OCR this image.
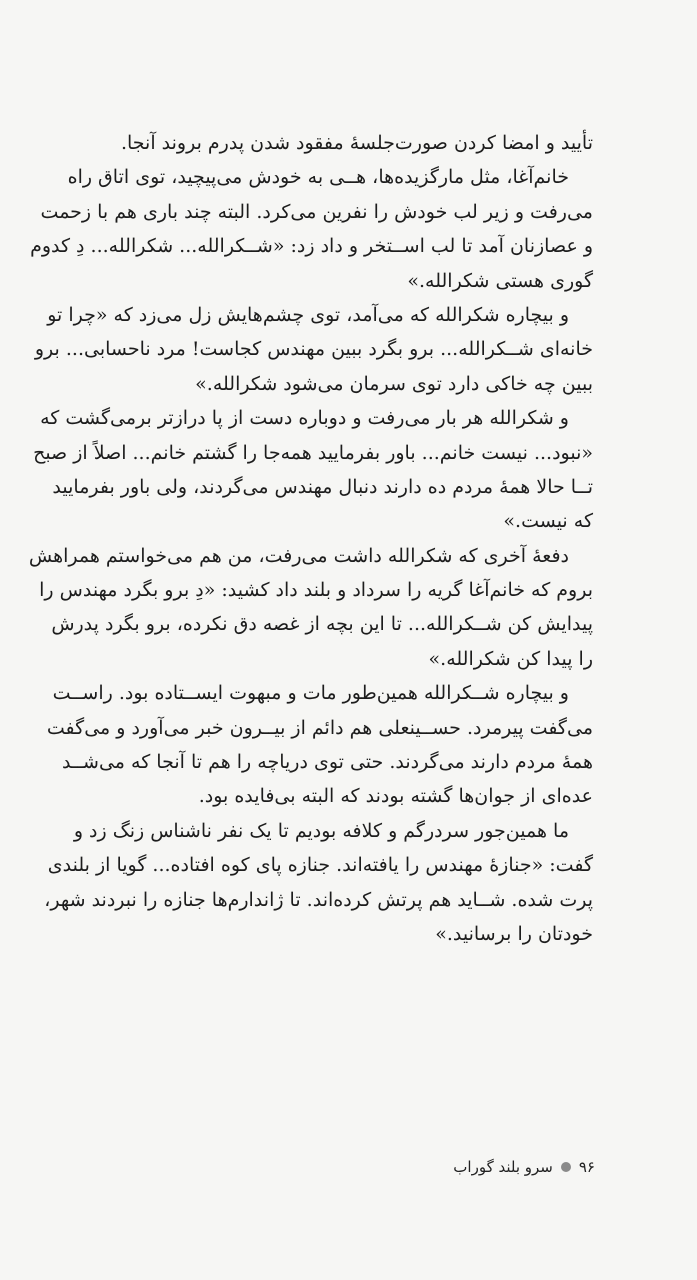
تأیید و امضا کردن صورت‌جلسهٔ مفقود شدن پدرم بروند آنجا.
خانم‌آغا، مثل مارگزیده‌ها، هــی به خودش می‌پیچید، توی اتاق راه
می‌رفت و زیر لب خودش را نفرین می‌کرد. البته چند باری هم با زحمت
و عصازنان آمد تا لب اســتخر و داد زد: «شــکرالله... شکرالله... دِ کدوم
گوری هستی شکرالله.»
و بیچاره شکرالله که می‌آمد، توی چشم‌هایش زل می‌زد که «چرا تو
خانه‌ای شــکرالله... برو بگرد ببین مهندس کجاست! مرد ناحسابی... برو
ببین چه خاکی دارد توی سرمان می‌شود شکرالله.»
و شکرالله هر بار می‌رفت و دوباره دست از پا درازتر برمی‌گشت که
«نبود... نیست خانم... باور بفرمایید همه‌جا را گشتم خانم... اصلاً از صبح
تــا حالا همهٔ مردم ده دارند دنبال مهندس می‌گردند، ولی باور بفرمایید
که نیست.»
دفعهٔ آخری که شکرالله داشت می‌رفت، من هم می‌خواستم همراهش
بروم که خانم‌آغا گریه را سرداد و بلند داد کشید: «دِ برو بگرد مهندس را
پیدایش کن شــکرالله... تا این بچه از غصه دق نکرده، برو بگرد پدرش
را پیدا کن شکرالله.»
و بیچاره شــکرالله همین‌طور مات و مبهوت ایســتاده بود. راســت
می‌گفت پیرمرد. حســینعلی هم دائم از بیــرون خبر می‌آورد و می‌گفت
همهٔ مردم دارند می‌گردند. حتی توی دریاچه را هم تا آنجا که می‌شــد
عده‌ای از جوان‌ها گشته بودند که البته بی‌فایده بود.
ما همین‌جور سردرگم و کلافه بودیم تا یک نفر ناشناس زنگ زد و
گفت: «جنازهٔ مهندس را یافته‌اند. جنازه پای کوه افتاده... گویا از بلندی
پرت شده. شــاید هم پرتش کرده‌اند. تا ژاندارم‌ها جنازه را نبردند شهر،
خودتان را برسانید.»
۹۶
سرو بلند گوراب
